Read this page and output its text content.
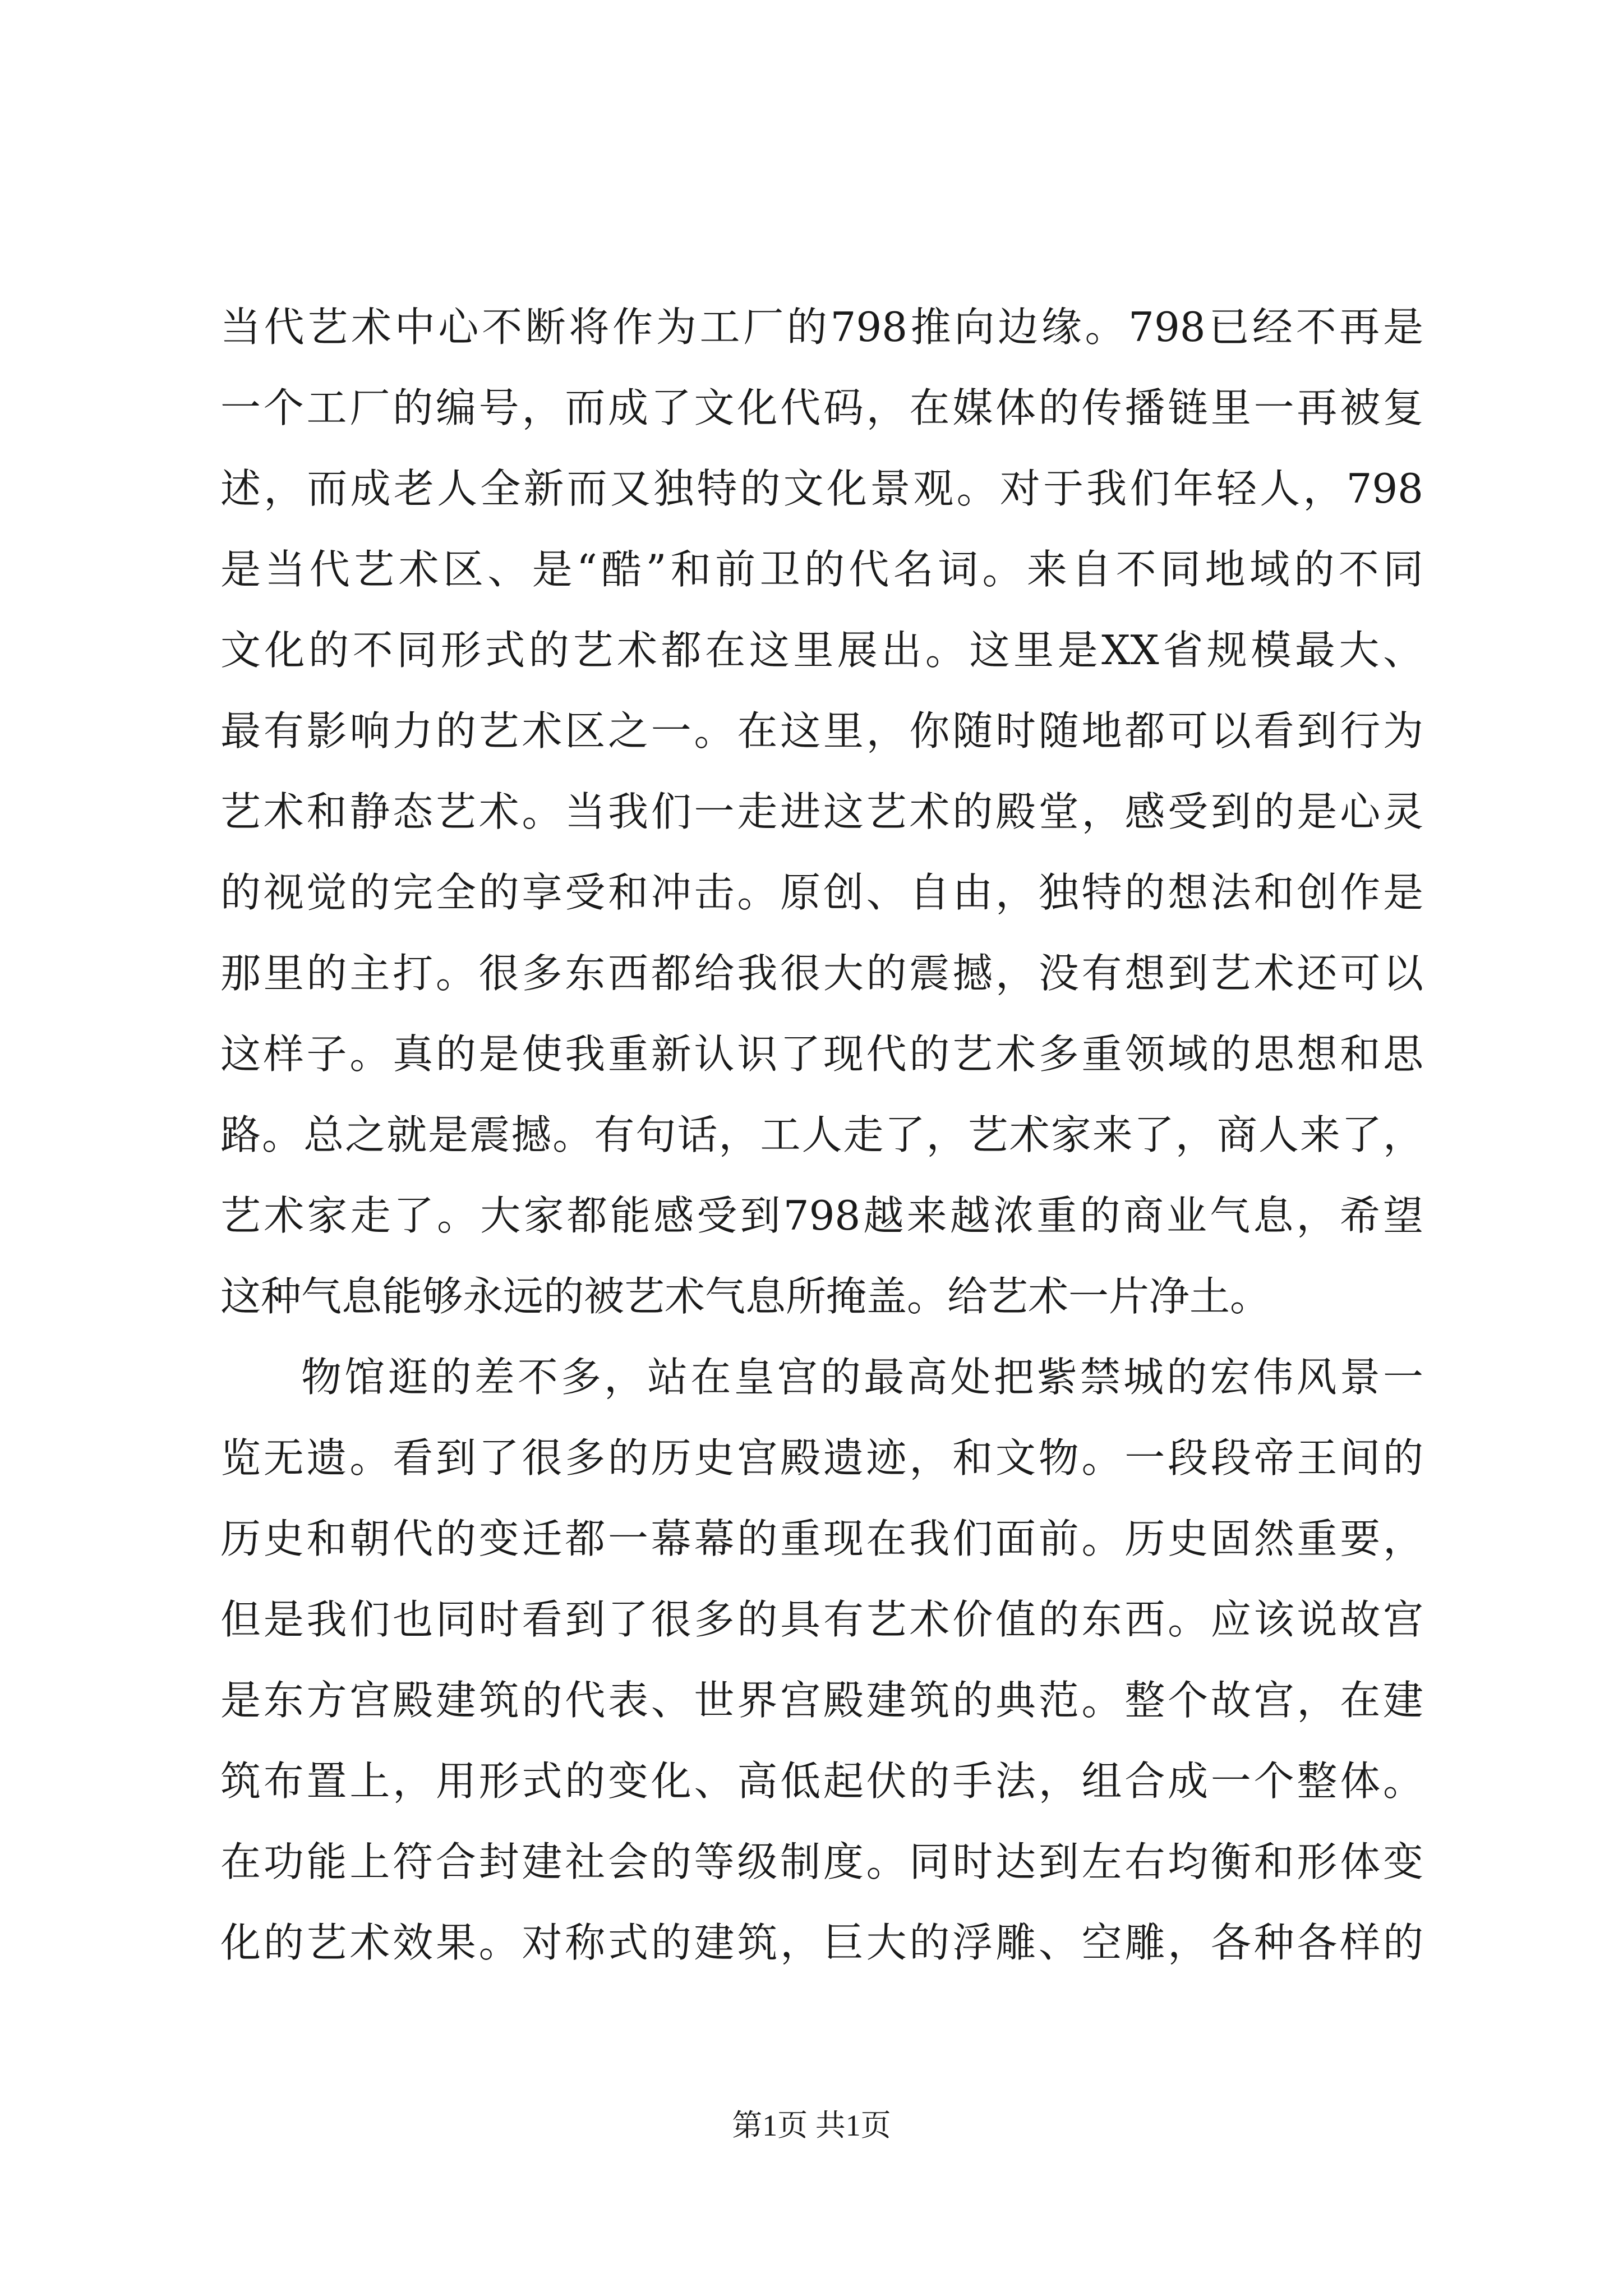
当代艺术中心不断将作为工厂的798推向边缘。798已经不再是
一个工厂的编号，而成了文化代码，在媒体的传播链里一再被复
述，而成老人全新而又独特的文化景观。对于我们年轻人，798
是当代艺术区、是“酷”和前卫的代名词。来自不同地域的不同
文化的不同形式的艺术都在这里展出。这里是XX省规模最大、
最有影响力的艺术区之一。在这里，你随时随地都可以看到行为
艺术和静态艺术。当我们一走进这艺术的殿堂，感受到的是心灵
的视觉的完全的享受和冲击。原创、自由，独特的想法和创作是
那里的主打。很多东西都给我很大的震撼，没有想到艺术还可以
这样子。真的是使我重新认识了现代的艺术多重领域的思想和思
路。总之就是震撼。有句话，工人走了，艺术家来了，商人来了，
艺术家走了。大家都能感受到798越来越浓重的商业气息，希望
这种气息能够永远的被艺术气息所掩盖。给艺术一片净土。
物馆逛的差不多，站在皇宫的最高处把紫禁城的宏伟风景一
览无遗。看到了很多的历史宫殿遗迹，和文物。一段段帝王间的
历史和朝代的变迁都一幕幕的重现在我们面前。历史固然重要，
但是我们也同时看到了很多的具有艺术价值的东西。应该说故宫
是东方宫殿建筑的代表、世界宫殿建筑的典范。整个故宫，在建
筑布置上，用形式的变化、高低起伏的手法，组合成一个整体。
在功能上符合封建社会的等级制度。同时达到左右均衡和形体变
化的艺术效果。对称式的建筑，巨大的浮雕、空雕，各种各样的
第1页 共1页
